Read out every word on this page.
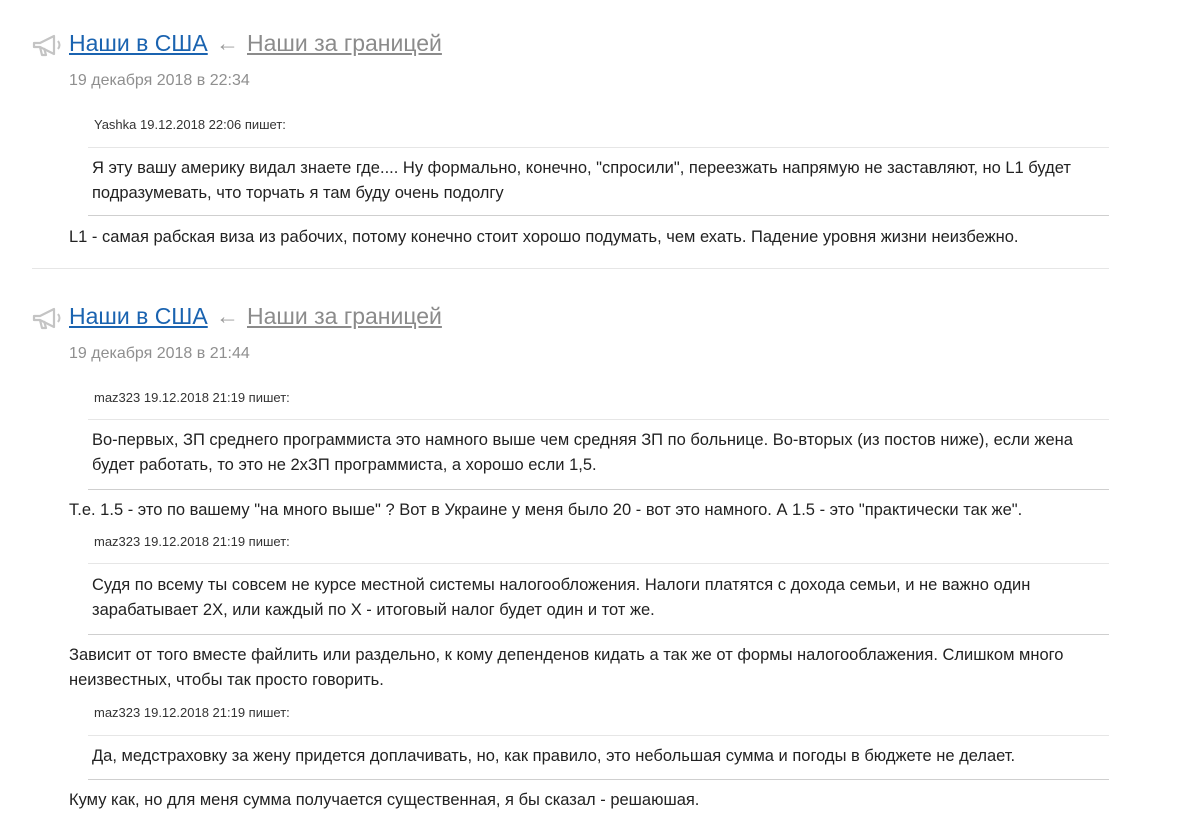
Наши в США ← Наши за границей
19 декабря 2018 в 22:34
Yashka 19.12.2018 22:06 пишет:
Я эту вашу америку видал знаете где.... Ну формально, конечно, "спросили", переезжать напрямую не заставляют, но L1 будет подразумевать, что торчать я там буду очень подолгу
L1 - самая рабская виза из рабочих, потому конечно стоит хорошо подумать, чем ехать. Падение уровня жизни неизбежно.
Наши в США ← Наши за границей
19 декабря 2018 в 21:44
maz323 19.12.2018 21:19 пишет:
Во-первых, ЗП среднего программиста это намного выше чем средняя ЗП по больнице. Во-вторых (из постов ниже), если жена будет работать, то это не 2хЗП программиста, а хорошо если 1,5.
Т.е. 1.5 - это по вашему "на много выше" ? Вот в Украине у меня было 20 - вот это намного. А 1.5 - это "практически так же".
maz323 19.12.2018 21:19 пишет:
Судя по всему ты совсем не курсе местной системы налогообложения. Налоги платятся с дохода семьи, и не важно один зарабатывает 2X, или каждый по X - итоговый налог будет один и тот же.
Зависит от того вместе файлить или раздельно, к кому депенденов кидать а так же от формы налогооблажения. Слишком много неизвестных, чтобы так просто говорить.
maz323 19.12.2018 21:19 пишет:
Да, медстраховку за жену придется доплачивать, но, как правило, это небольшая сумма и погоды в бюджете не делает.
Куму как, но для меня сумма получается существенная, я бы сказал - решаюшая.
